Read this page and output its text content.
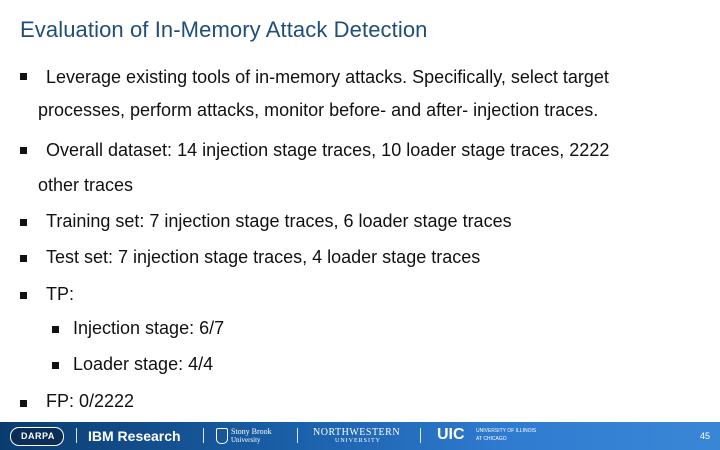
Evaluation of In-Memory Attack Detection
Leverage existing tools of in-memory attacks. Specifically, select target
processes, perform attacks, monitor before- and after- injection traces.
Overall dataset: 14 injection stage traces, 10 loader stage traces, 2222
other traces
Training set: 7 injection stage traces, 6 loader stage traces
Test set: 7 injection stage traces, 4 loader stage traces
TP:
Injection stage: 6/7
Loader stage: 4/4
FP: 0/2222
DARPA IBM Research	Stony Brook
University
NORTHWESTERN
UNIVERSITY	UIC UNIVERSITY OF ILLINOIS
AT CHICAGO	45
